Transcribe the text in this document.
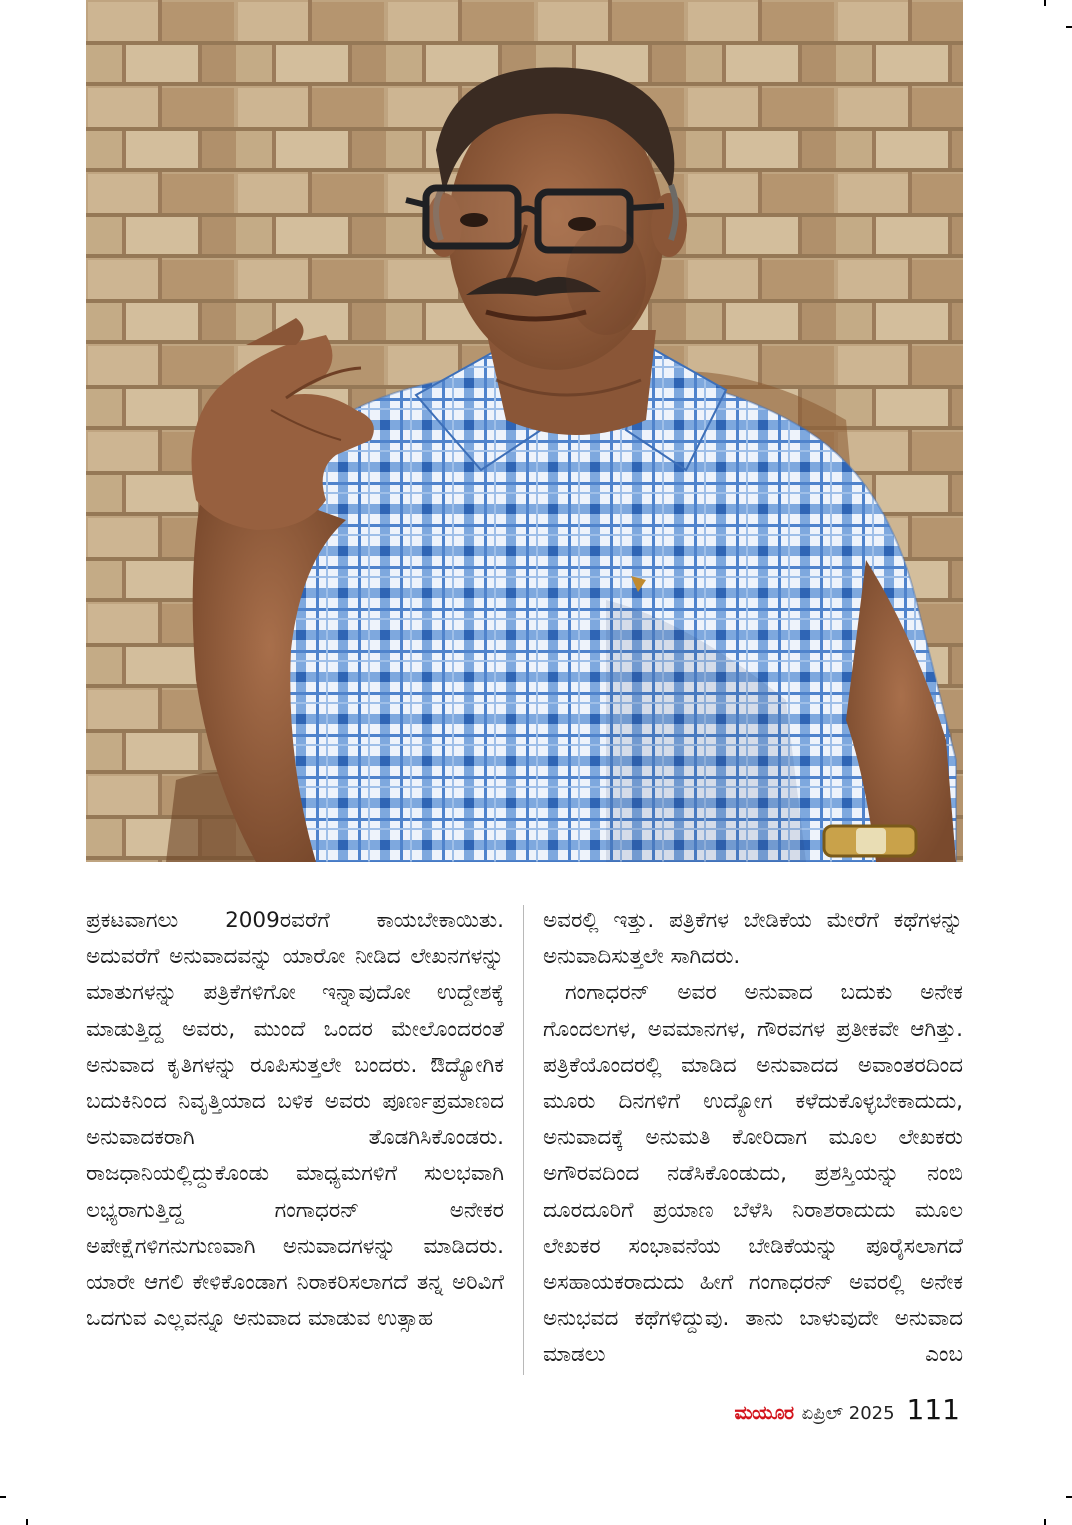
ಪ್ರಕಟವಾಗಲು 2009ರವರೆಗೆ ಕಾಯಬೇಕಾಯಿತು. ಅದುವರೆಗೆ ಅನುವಾದವನ್ನು ಯಾರೋ ನೀಡಿದ ಲೇಖನಗಳನ್ನು ಮಾತುಗಳನ್ನು ಪತ್ರಿಕೆಗಳಿಗೋ ಇನ್ನಾವುದೋ ಉದ್ದೇಶಕ್ಕೆ ಮಾಡುತ್ತಿದ್ದ ಅವರು, ಮುಂದೆ ಒಂದರ ಮೇಲೊಂದರಂತೆ ಅನುವಾದ ಕೃತಿಗಳನ್ನು ರೂಪಿಸುತ್ತಲೇ ಬಂದರು. ಔದ್ಯೋಗಿಕ ಬದುಕಿನಿಂದ ನಿವೃತ್ತಿಯಾದ ಬಳಿಕ ಅವರು ಪೂರ್ಣಪ್ರಮಾಣದ ಅನುವಾದಕರಾಗಿ ತೊಡಗಿಸಿಕೊಂಡರು. ರಾಜಧಾನಿಯಲ್ಲಿದ್ದುಕೊಂಡು ಮಾಧ್ಯಮಗಳಿಗೆ ಸುಲಭವಾಗಿ ಲಭ್ಯರಾಗುತ್ತಿದ್ದ ಗಂಗಾಧರನ್ ಅನೇಕರ ಅಪೇಕ್ಷೆಗಳಿಗನುಗುಣವಾಗಿ ಅನುವಾದಗಳನ್ನು ಮಾಡಿದರು. ಯಾರೇ ಆಗಲಿ ಕೇಳಿಕೊಂಡಾಗ ನಿರಾಕರಿಸಲಾಗದೆ ತನ್ನ ಅರಿವಿಗೆ ಒದಗುವ ಎಲ್ಲವನ್ನೂ ಅನುವಾದ ಮಾಡುವ ಉತ್ಸಾಹ

ಅವರಲ್ಲಿ ಇತ್ತು. ಪತ್ರಿಕೆಗಳ ಬೇಡಿಕೆಯ ಮೇರೆಗೆ ಕಥೆಗಳನ್ನು ಅನುವಾದಿಸುತ್ತಲೇ ಸಾಗಿದರು.

ಗಂಗಾಧರನ್ ಅವರ ಅನುವಾದ ಬದುಕು ಅನೇಕ ಗೊಂದಲಗಳ, ಅವಮಾನಗಳ, ಗೌರವಗಳ ಪ್ರತೀಕವೇ ಆಗಿತ್ತು. ಪತ್ರಿಕೆಯೊಂದರಲ್ಲಿ ಮಾಡಿದ ಅನುವಾದದ ಅವಾಂತರದಿಂದ ಮೂರು ದಿನಗಳಿಗೆ ಉದ್ಯೋಗ ಕಳೆದುಕೊಳ್ಳಬೇಕಾದುದು, ಅನುವಾದಕ್ಕೆ ಅನುಮತಿ ಕೋರಿದಾಗ ಮೂಲ ಲೇಖಕರು ಅಗೌರವದಿಂದ ನಡೆಸಿಕೊಂಡುದು, ಪ್ರಶಸ್ತಿಯನ್ನು ನಂಬಿ ದೂರದೂರಿಗೆ ಪ್ರಯಾಣ ಬೆಳೆಸಿ ನಿರಾಶರಾದುದು ಮೂಲ ಲೇಖಕರ ಸಂಭಾವನೆಯ ಬೇಡಿಕೆಯನ್ನು ಪೂರೈಸಲಾಗದೆ ಅಸಹಾಯಕರಾದುದು ಹೀಗೆ ಗಂಗಾಧರನ್ ಅವರಲ್ಲಿ ಅನೇಕ ಅನುಭವದ ಕಥೆಗಳಿದ್ದುವು. ತಾನು ಬಾಳುವುದೇ ಅನುವಾದ ಮಾಡಲು ಎಂಬ

ಮಯೂರ ಏಪ್ರಿಲ್ 2025 111
